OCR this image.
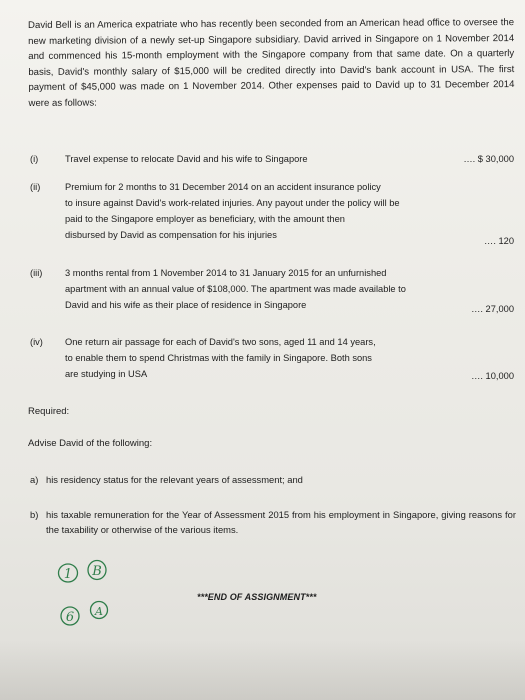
David Bell is an America expatriate who has recently been seconded from an American head office to oversee the new marketing division of a newly set-up Singapore subsidiary. David arrived in Singapore on 1 November 2014 and commenced his 15-month employment with the Singapore company from that same date. On a quarterly basis, David's monthly salary of $15,000 will be credited directly into David's bank account in USA. The first payment of $45,000 was made on 1 November 2014. Other expenses paid to David up to 31 December 2014 were as follows:

(i)	Travel expense to relocate David and his wife to Singapore	…. $ 30,000
(ii)	Premium for 2 months to 31 December 2014 on an accident insurance policy
to insure against David's work-related injuries. Any payout under the policy will be
paid to the Singapore employer as beneficiary, with the amount then
disbursed by David as compensation for his injuries
…. 120
(iii) 3 months rental from 1 November 2014 to 31 January 2015 for an unfurnished
apartment with an annual value of $108,000. The apartment was made available to
David and his wife as their place of residence in Singapore	…. 27,000
(iv) One return air passage for each of David's two sons, aged 11 and 14 years,
to enable them to spend Christmas with the family in Singapore. Both sons
are studying in USA	…. 10,000
Required:
Advise David of the following:
a) his residency status for the relevant years of assessment; and
b) his taxable remuneration for the Year of Assessment 2015 from his employment in Singapore, giving reasons for the taxability or otherwise of the various items.
***END OF ASSIGNMENT***
1 B
6 A
